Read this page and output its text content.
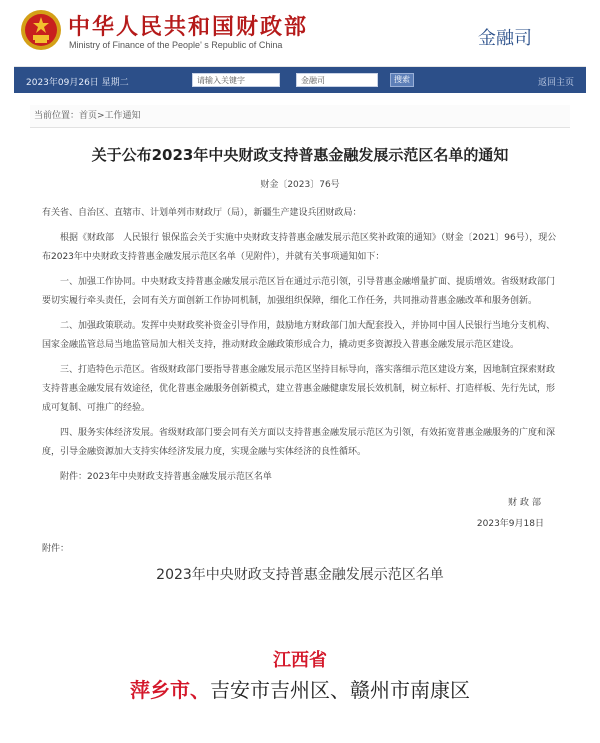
中华人民共和国财政部
Ministry of Finance of the People' s Republic of China	金融司
2023年09月26日 星期二	请输入关键字	金融司	搜索	返回主页
当前位置：首页>工作通知
关于公布2023年中央财政支持普惠金融发展示范区名单的通知
财金〔2023〕76号

有关省、自治区、直辖市、计划单列市财政厅（局），新疆生产建设兵团财政局：

根据《财政部　人民银行 银保监会关于实施中央财政支持普惠金融发展示范区奖补政策的通知》（财金〔2021〕96号），现公布2023年中央财政支持普惠金融发展示范区名单（见附件），并就有关事项通知如下：

一、加强工作协同。中央财政支持普惠金融发展示范区旨在通过示范引领，引导普惠金融增量扩面、提质增效。省级财政部门要切实履行牵头责任，会同有关方面创新工作协同机制，加强组织保障，细化工作任务，共同推动普惠金融改革和服务创新。

二、加强政策联动。发挥中央财政奖补资金引导作用，鼓励地方财政部门加大配套投入，并协同中国人民银行当地分支机构、国家金融监管总局当地监管局加大相关支持，推动财政金融政策形成合力，撬动更多资源投入普惠金融发展示范区建设。

三、打造特色示范区。省级财政部门要指导普惠金融发展示范区坚持目标导向，落实落细示范区建设方案，因地制宜探索财政支持普惠金融发展有效途径，优化普惠金融服务创新模式，建立普惠金融健康发展长效机制，树立标杆、打造样板、先行先试，形成可复制、可推广的经验。

四、服务实体经济发展。省级财政部门要会同有关方面以支持普惠金融发展示范区为引领，有效拓宽普惠金融服务的广度和深度，引导金融资源加大支持实体经济发展力度，实现金融与实体经济的良性循环。

附件：2023年中央财政支持普惠金融发展示范区名单

财政部
2023年9月18日
附件：
2023年中央财政支持普惠金融发展示范区名单
江西省
萍乡市、吉安市吉州区、赣州市南康区
